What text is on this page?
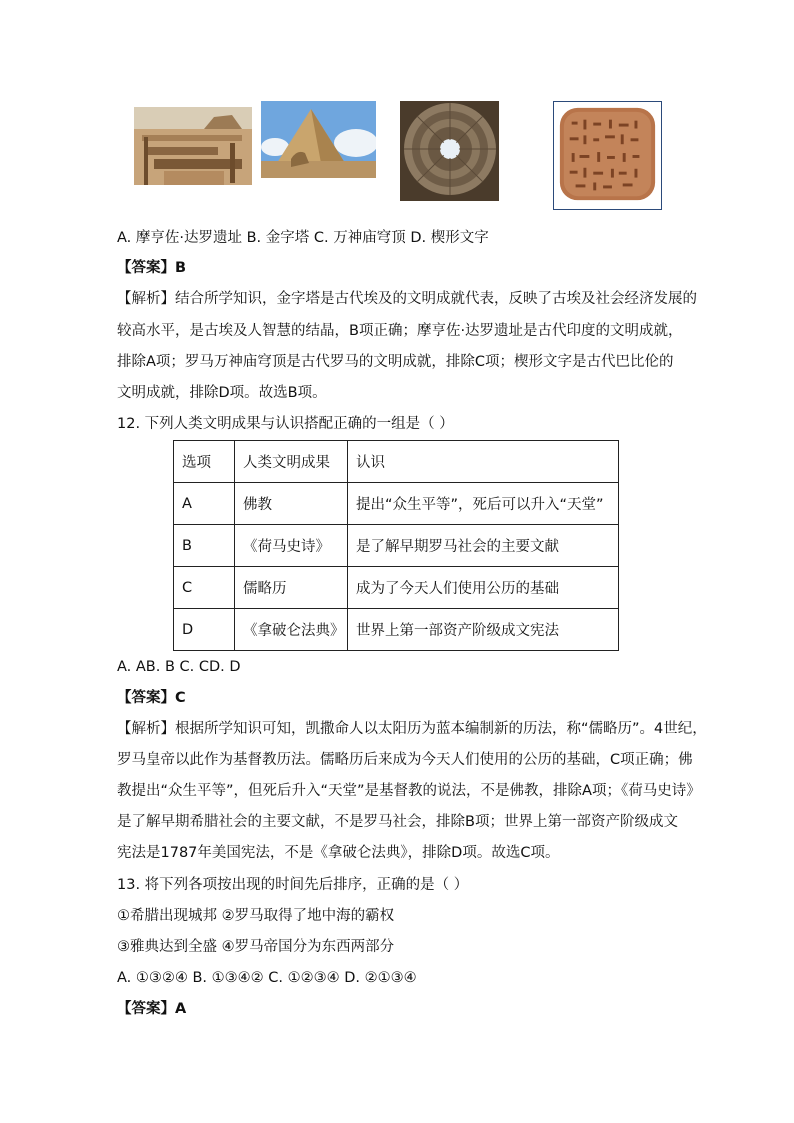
A. 摩亨佐·达罗遗址 B. 金字塔 C. 万神庙穹顶 D. 楔形文字
【答案】B
【解析】结合所学知识，金字塔是古代埃及的文明成就代表，反映了古埃及社会经济发展的
较高水平，是古埃及人智慧的结晶，B项正确；摩亨佐·达罗遗址是古代印度的文明成就，
排除A项；罗马万神庙穹顶是古代罗马的文明成就，排除C项；楔形文字是古代巴比伦的
文明成就，排除D项。故选B项。
12. 下列人类文明成果与认识搭配正确的一组是（ ）
选项	人类文明成果	认识
A	佛教	提出“众生平等”，死后可以升入“天堂”
B	《荷马史诗》	是了解早期罗马社会的主要文献
C	儒略历	成为了今天人们使用公历的基础
D	《拿破仑法典》	世界上第一部资产阶级成文宪法
A. AB. B C. CD. D
【答案】C
【解析】根据所学知识可知，凯撒命人以太阳历为蓝本编制新的历法，称“儒略历”。4世纪，
罗马皇帝以此作为基督教历法。儒略历后来成为今天人们使用的公历的基础，C项正确；佛
教提出“众生平等”，但死后升入“天堂”是基督教的说法，不是佛教，排除A项；《荷马史诗》
是了解早期希腊社会的主要文献，不是罗马社会，排除B项；世界上第一部资产阶级成文
宪法是1787年美国宪法，不是《拿破仑法典》，排除D项。故选C项。
13. 将下列各项按出现的时间先后排序，正确的是（ ）
①希腊出现城邦 ②罗马取得了地中海的霸权
③雅典达到全盛 ④罗马帝国分为东西两部分
A. ①③②④ B. ①③④② C. ①②③④ D. ②①③④
【答案】A
